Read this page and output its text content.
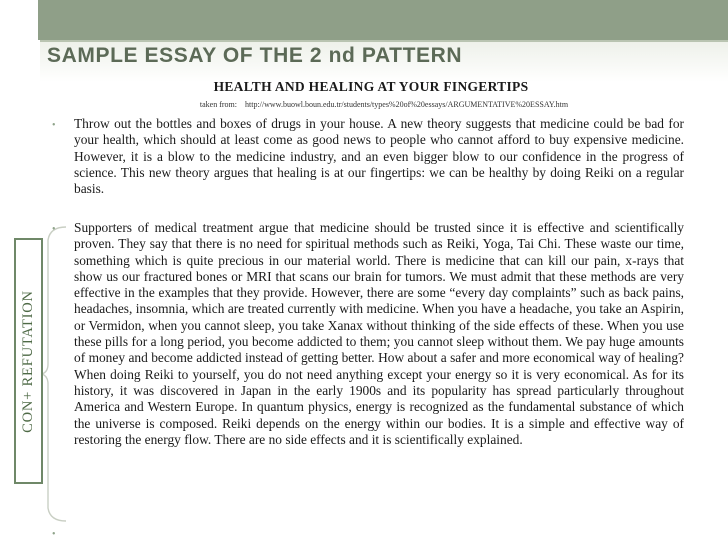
SAMPLE ESSAY OF THE 2 nd PATTERN
HEALTH AND HEALING AT YOUR FINGERTIPS
taken from: http://www.buowl.boun.edu.tr/students/types%20of%20essays/ARGUMENTATIVE%20ESSAY.htm
• Throw out the bottles and boxes of drugs in your house. A new theory suggests that medicine could be bad for your health, which should at least come as good news to people who cannot afford to buy expensive medicine. However, it is a blow to the medicine industry, and an even bigger blow to our confidence in the progress of science. This new theory argues that healing is at our fingertips: we can be healthy by doing Reiki on a regular basis.

• Supporters of medical treatment argue that medicine should be trusted since it is effective and scientifically proven. They say that there is no need for spiritual methods such as Reiki, Yoga, Tai Chi. These waste our time, something which is quite precious in our material world. There is medicine that can kill our pain, x-rays that show us our fractured bones or MRI that scans our brain for tumors. We must admit that these methods are very effective in the examples that they provide. However, there are some “every day complaints” such as back pains, headaches, insomnia, which are treated currently with medicine. When you have a headache, you take an Aspirin, or Vermidon, when you cannot sleep, you take Xanax without thinking of the side effects of these. When you use these pills for a long period, you become addicted to them; you cannot sleep without them. We pay huge amounts of money and become addicted instead of getting better. How about a safer and more economical way of healing? When doing Reiki to yourself, you do not need anything except your energy so it is very economical. As for its history, it was discovered in Japan in the early 1900s and its popularity has spread particularly throughout America and Western Europe. In quantum physics, energy is recognized as the fundamental substance of which the universe is composed. Reiki depends on the energy within our bodies. It is a simple and effective way of restoring the energy flow. There are no side effects and it is scientifically explained.

•
CON+ REFUTATION
